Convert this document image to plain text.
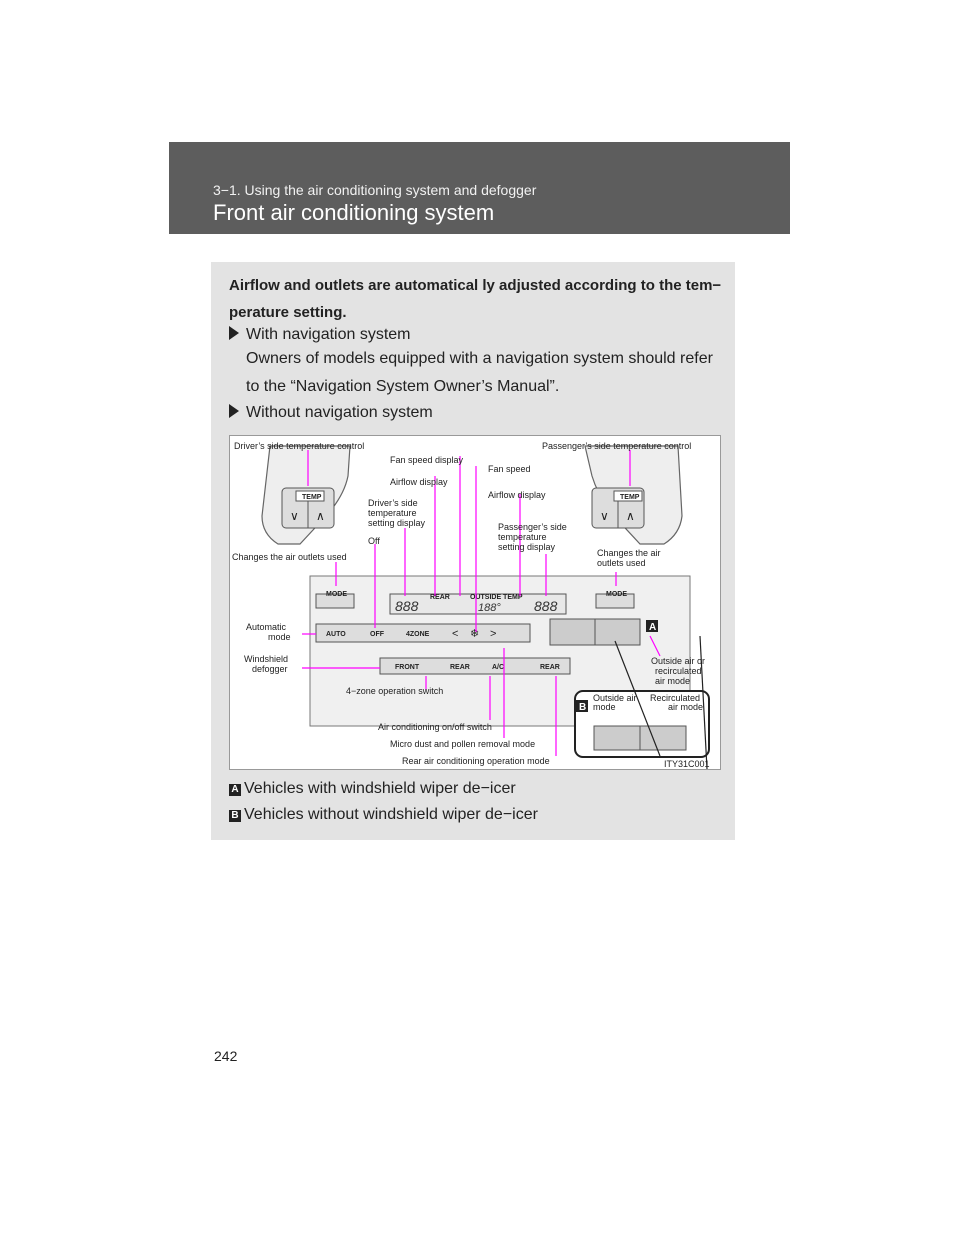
3−1. Using the air conditioning system and defogger
Front air conditioning system
Airflow and outlets are automatical ly adjusted according to the tem− perature setting.
With navigation system
Owners of models equipped with a navigation system should refer to the “Navigation System Owner’s Manual”.
Without navigation system
TEMP
∨ ∧
TEMP
∨ ∧
MODE	MODE
888
REAR	OUTSIDE TEMP
188° 888
AUTO	OFF	4ZONE < ❄ >
FRONT	REAR	A/C	REAR
A
B
Driver’s side temperature control	Passenger’s side temperature control
Fan speed display
Fan speed
Airflow display
Airflow display
Driver’s side
temperature
setting display	Passenger’s side
temperature
setting display
Off
Changes the air outlets used	Changes the air
outlets used
Automatic
mode
Windshield
defogger
Outside air or
recirculated
air mode
4−zone operation switch
Outside air
mode
Recirculated
air mode
Air conditioning on/off switch
Micro dust and pollen removal mode
Rear air conditioning operation mode	ITY31C001
A Vehicles with windshield wiper de−icer
B Vehicles without windshield wiper de−icer
242
